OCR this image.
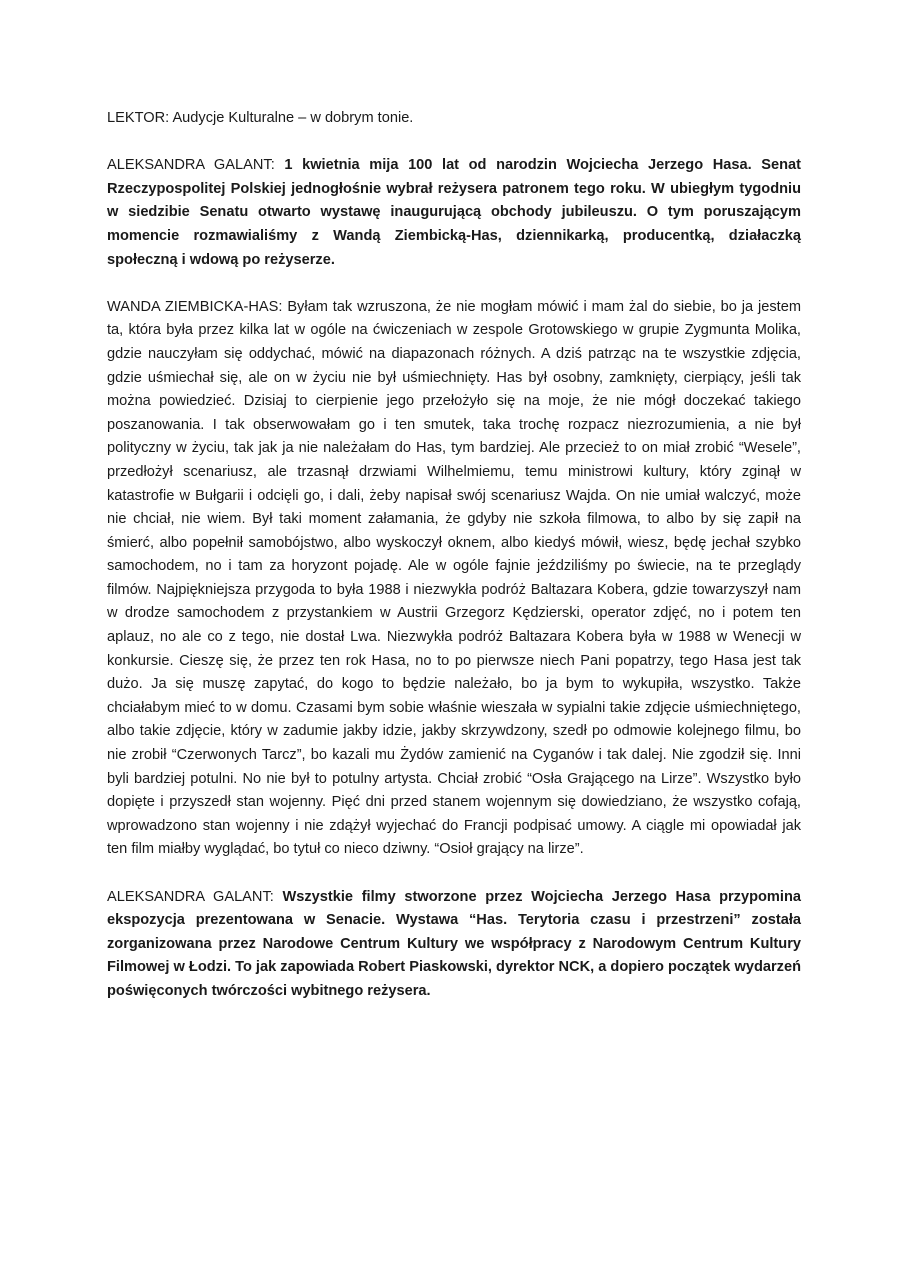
LEKTOR: Audycje Kulturalne – w dobrym tonie.

ALEKSANDRA GALANT: 1 kwietnia mija 100 lat od narodzin Wojciecha Jerzego Hasa. Senat Rzeczypospolitej Polskiej jednogłośnie wybrał reżysera patronem tego roku. W ubiegłym tygodniu w siedzibie Senatu otwarto wystawę inaugurującą obchody jubileuszu. O tym poruszającym momencie rozmawialiśmy z Wandą Ziembicką-Has, dziennikarką, producentką, działaczką społeczną i wdową po reżyserze.

WANDA ZIEMBICKA-HAS: Byłam tak wzruszona, że nie mogłam mówić i mam żal do siebie, bo ja jestem ta, która była przez kilka lat w ogóle na ćwiczeniach w zespole Grotowskiego w grupie Zygmunta Molika, gdzie nauczyłam się oddychać, mówić na diapazonach różnych. A dziś patrząc na te wszystkie zdjęcia, gdzie uśmiechał się, ale on w życiu nie był uśmiechnięty. Has był osobny, zamknięty, cierpiący, jeśli tak można powiedzieć. Dzisiaj to cierpienie jego przełożyło się na moje, że nie mógł doczekać takiego poszanowania. I tak obserwowałam go i ten smutek, taka trochę rozpacz niezrozumienia, a nie był polityczny w życiu, tak jak ja nie należałam do Has, tym bardziej. Ale przecież to on miał zrobić “Wesele”, przedłożył scenariusz, ale trzasnął drzwiami Wilhelmiemu, temu ministrowi kultury, który zginął w katastrofie w Bułgarii i odcięli go, i dali, żeby napisał swój scenariusz Wajda. On nie umiał walczyć, może nie chciał, nie wiem. Był taki moment załamania, że gdyby nie szkoła filmowa, to albo by się zapił na śmierć, albo popełnił samobójstwo, albo wyskoczył oknem, albo kiedyś mówił, wiesz, będę jechał szybko samochodem, no i tam za horyzont pojadę. Ale w ogóle fajnie jeździliśmy po świecie, na te przeglądy filmów. Najpiękniejsza przygoda to była 1988 i niezwykła podróż Baltazara Kobera, gdzie towarzyszył nam w drodze samochodem z przystankiem w Austrii Grzegorz Kędzierski, operator zdjęć, no i potem ten aplauz, no ale co z tego, nie dostał Lwa. Niezwykła podróż Baltazara Kobera była w 1988 w Wenecji w konkursie. Cieszę się, że przez ten rok Hasa, no to po pierwsze niech Pani popatrzy, tego Hasa jest tak dużo. Ja się muszę zapytać, do kogo to będzie należało, bo ja bym to wykupiła, wszystko. Także chciałabym mieć to w domu. Czasami bym sobie właśnie wieszała w sypialni takie zdjęcie uśmiechniętego, albo takie zdjęcie, który w zadumie jakby idzie, jakby skrzywdzony, szedł po odmowie kolejnego filmu, bo nie zrobił “Czerwonych Tarcz”, bo kazali mu Żydów zamienić na Cyganów i tak dalej. Nie zgodził się. Inni byli bardziej potulni. No nie był to potulny artysta. Chciał zrobić “Osła Grającego na Lirze”. Wszystko było dopięte i przyszedł stan wojenny. Pięć dni przed stanem wojennym się dowiedziano, że wszystko cofają, wprowadzono stan wojenny i nie zdążył wyjechać do Francji podpisać umowy. A ciągle mi opowiadał jak ten film miałby wyglądać, bo tytuł co nieco dziwny. “Osioł grający na lirze”.

ALEKSANDRA GALANT: Wszystkie filmy stworzone przez Wojciecha Jerzego Hasa przypomina ekspozycja prezentowana w Senacie. Wystawa “Has. Terytoria czasu i przestrzeni” została zorganizowana przez Narodowe Centrum Kultury we współpracy z Narodowym Centrum Kultury Filmowej w Łodzi. To jak zapowiada Robert Piaskowski, dyrektor NCK, a dopiero początek wydarzeń poświęconych twórczości wybitnego reżysera.
